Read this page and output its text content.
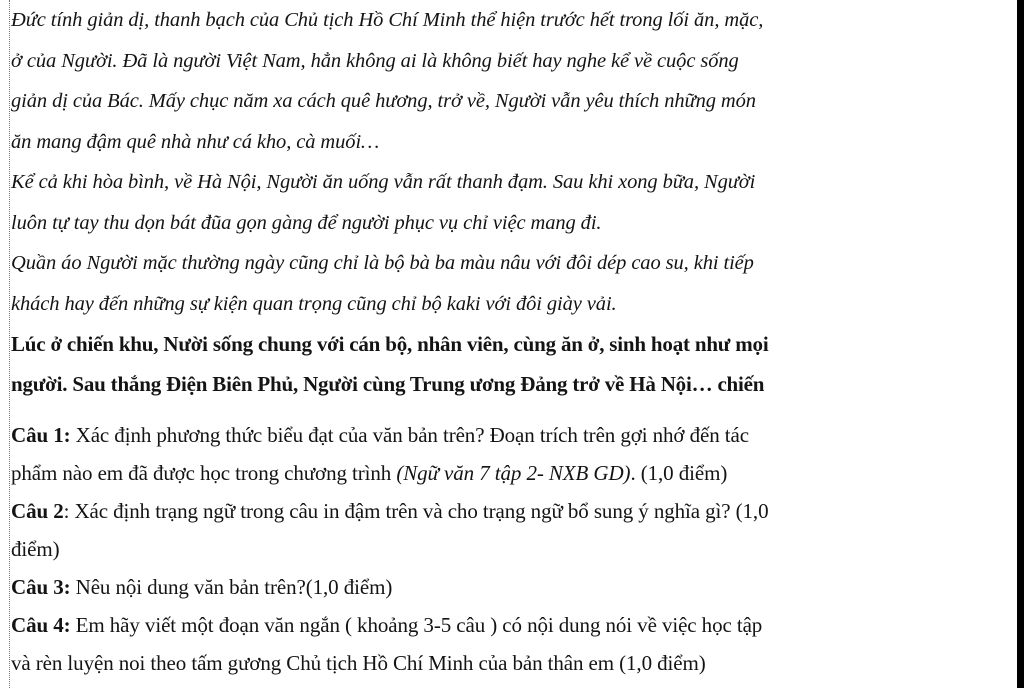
Đức tính giản dị, thanh bạch của Chủ tịch Hồ Chí Minh thể hiện trước hết trong lối ăn, mặc,
ở của Người. Đã là người Việt Nam, hẳn không ai là không biết hay nghe kể về cuộc sống
giản dị của Bác. Mấy chục năm xa cách quê hương, trở về, Người vẫn yêu thích những món
ăn mang đậm quê nhà như cá kho, cà muối…
Kể cả khi hòa bình, về Hà Nội, Người ăn uống vẫn rất thanh đạm. Sau khi xong bữa, Người
luôn tự tay thu dọn bát đũa gọn gàng để người phục vụ chỉ việc mang đi.
Quần áo Người mặc thường ngày cũng chỉ là bộ bà ba màu nâu với đôi dép cao su, khi tiếp
khách hay đến những sự kiện quan trọng cũng chỉ bộ kaki với đôi giày vải.
Lúc ở chiến khu, Nười sống chung với cán bộ, nhân viên, cùng ăn ở, sinh hoạt như mọi
người. Sau thắng Điện Biên Phủ, Người cùng Trung ương Đảng trở về Hà Nội… chiến
Câu 1: Xác định phương thức biểu đạt của văn bản trên? Đoạn trích trên gợi nhớ đến tác
phẩm nào em đã được học trong chương trình (Ngữ văn 7 tập 2- NXB GD). (1,0 điểm)
Câu 2: Xác định trạng ngữ trong câu in đậm trên và cho trạng ngữ bổ sung ý nghĩa gì? (1,0
điểm)
Câu 3: Nêu nội dung văn bản trên?(1,0 điểm)
Câu 4: Em hãy viết một đoạn văn ngắn ( khoảng 3-5 câu ) có nội dung nói về việc học tập
và rèn luyện noi theo tấm gương Chủ tịch Hồ Chí Minh của bản thân em (1,0 điểm)
